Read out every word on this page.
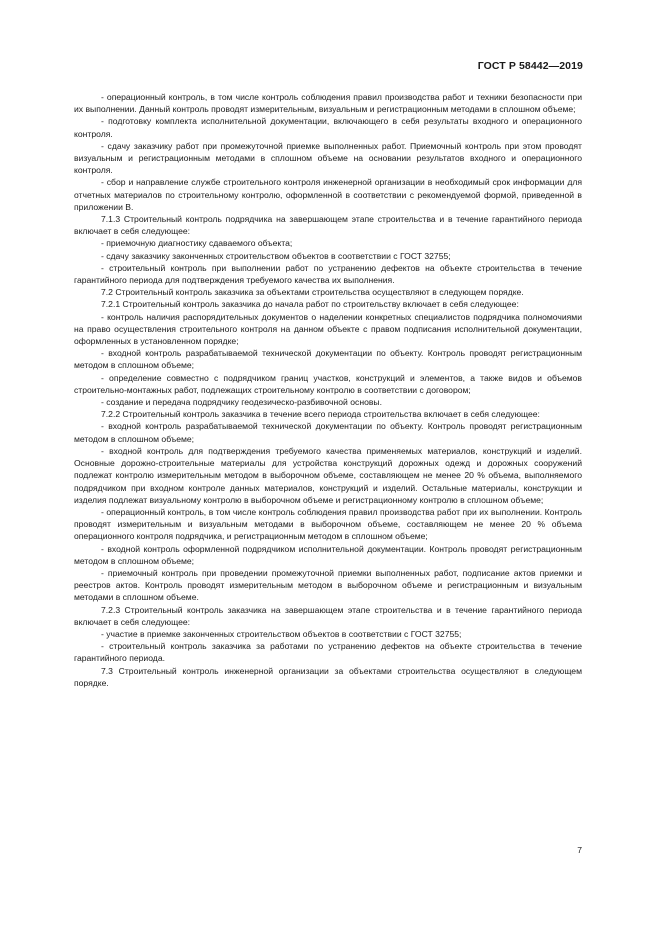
ГОСТ Р 58442—2019

- операционный контроль, в том числе контроль соблюдения правил производства работ и техники безопасности при их выполнении. Данный контроль проводят измерительным, визуальным и регистрационным методами в сплошном объеме;

- подготовку комплекта исполнительной документации, включающего в себя результаты входного и операционного контроля.

- сдачу заказчику работ при промежуточной приемке выполненных работ. Приемочный контроль при этом проводят визуальным и регистрационным методами в сплошном объеме на основании результатов входного и операционного контроля.

- сбор и направление службе строительного контроля инженерной организации в необходимый срок информации для отчетных материалов по строительному контролю, оформленной в соответствии с рекомендуемой формой, приведенной в приложении В.

7.1.3 Строительный контроль подрядчика на завершающем этапе строительства и в течение гарантийного периода включает в себя следующее:

- приемочную диагностику сдаваемого объекта;

- сдачу заказчику законченных строительством объектов в соответствии с ГОСТ 32755;

- строительный контроль при выполнении работ по устранению дефектов на объекте строительства в течение гарантийного периода для подтверждения требуемого качества их выполнения.

7.2 Строительный контроль заказчика за объектами строительства осуществляют в следующем порядке.

7.2.1 Строительный контроль заказчика до начала работ по строительству включает в себя следующее:

- контроль наличия распорядительных документов о наделении конкретных специалистов подрядчика полномочиями на право осуществления строительного контроля на данном объекте с правом подписания исполнительной документации, оформленных в установленном порядке;

- входной контроль разрабатываемой технической документации по объекту. Контроль проводят регистрационным методом в сплошном объеме;

- определение совместно с подрядчиком границ участков, конструкций и элементов, а также видов и объемов строительно-монтажных работ, подлежащих строительному контролю в соответствии с договором;

- создание и передача подрядчику геодезическо-разбивочной основы.

7.2.2 Строительный контроль заказчика в течение всего периода строительства включает в себя следующее:

- входной контроль разрабатываемой технической документации по объекту. Контроль проводят регистрационным методом в сплошном объеме;

- входной контроль для подтверждения требуемого качества применяемых материалов, конструкций и изделий. Основные дорожно-строительные материалы для устройства конструкций дорожных одежд и дорожных сооружений подлежат контролю измерительным методом в выборочном объеме, составляющем не менее 20 % объема, выполняемого подрядчиком при входном контроле данных материалов, конструкций и изделий. Остальные материалы, конструкции и изделия подлежат визуальному контролю в выборочном объеме и регистрационному контролю в сплошном объеме;

- операционный контроль, в том числе контроль соблюдения правил производства работ при их выполнении. Контроль проводят измерительным и визуальным методами в выборочном объеме, составляющем не менее 20 % объема операционного контроля подрядчика, и регистрационным методом в сплошном объеме;

- входной контроль оформленной подрядчиком исполнительной документации. Контроль проводят регистрационным методом в сплошном объеме;

- приемочный контроль при проведении промежуточной приемки выполненных работ, подписание актов приемки и реестров актов. Контроль проводят измерительным методом в выборочном объеме и регистрационным и визуальным методами в сплошном объеме.

7.2.3 Строительный контроль заказчика на завершающем этапе строительства и в течение гарантийного периода включает в себя следующее:

- участие в приемке законченных строительством объектов в соответствии с ГОСТ 32755;

- строительный контроль заказчика за работами по устранению дефектов на объекте строительства в течение гарантийного периода.

7.3 Строительный контроль инженерной организации за объектами строительства осуществляют в следующем порядке.

7
